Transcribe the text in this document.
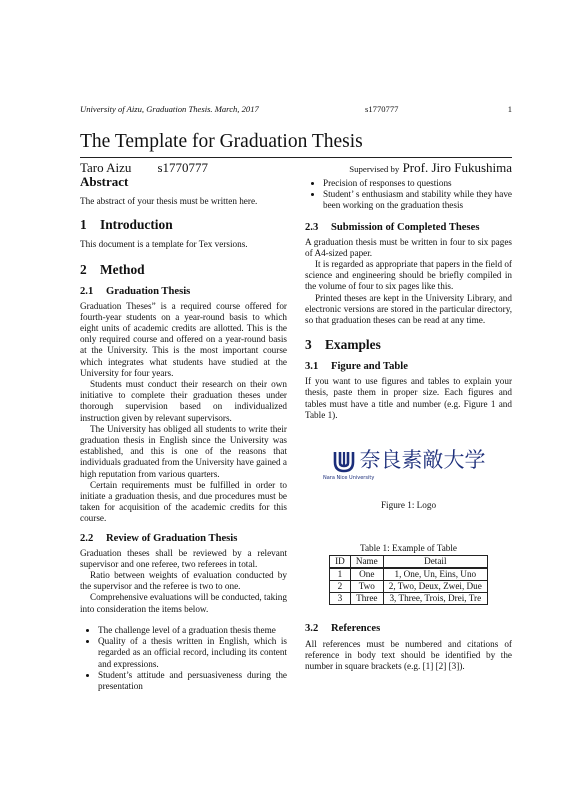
University of Aizu, Graduation Thesis. March, 2017	s1770777	1
The Template for Graduation Thesis
Taro Aizu s1770777	Supervised by Prof. Jiro Fukushima
Abstract

The abstract of your thesis must be written here.

1 Introduction

This document is a template for Tex versions.

2 Method
2.1 Graduation Thesis

Graduation Theses” is a required course offered for fourth-year students on a year-round basis to which eight units of academic credits are allotted. This is the only required course and offered on a year-round basis at the University. This is the most important course which integrates what students have studied at the University for four years.

Students must conduct their research on their own initiative to complete their graduation theses under thorough supervision based on individualized instruction given by relevant supervisors.

The University has obliged all students to write their graduation thesis in English since the University was established, and this is one of the reasons that individuals graduated from the University have gained a high reputation from various quarters.

Certain requirements must be fulfilled in order to initiate a graduation thesis, and due procedures must be taken for acquisition of the academic credits for this course.

2.2 Review of Graduation Thesis

Graduation theses shall be reviewed by a relevant supervisor and one referee, two referees in total.

Ratio between weights of evaluation conducted by the supervisor and the referee is two to one.

Comprehensive evaluations will be conducted, taking into consideration the items below.

• The challenge level of a graduation thesis theme
• Quality of a thesis written in English, which is regarded as an official record, including its content and expressions.
• Student’s attitude and persuasiveness during the presentation
• Precision of responses to questions
• Student’ s enthusiasm and stability while they have been working on the graduation thesis
2.3 Submission of Completed Theses

A graduation thesis must be written in four to six pages of A4-sized paper.

It is regarded as appropriate that papers in the field of science and engineering should be briefly compiled in the volume of four to six pages like this.

Printed theses are kept in the University Library, and electronic versions are stored in the particular directory, so that graduation theses can be read at any time.

3 Examples
3.1 Figure and Table

If you want to use figures and tables to explain your thesis, paste them in proper size. Each figures and tables must have a title and number (e.g. Figure 1 and Table 1).

奈良素敵大学
Nara Nice University
Figure 1: Logo
Table 1: Example of Table
ID	Name	Detail
1	One	1, One, Un, Eins, Uno
2	Two	2, Two, Deux, Zwei, Due
3	Three	3, Three, Trois, Drei, Tre
3.2 References

All references must be numbered and citations of reference in body text should be identified by the number in square brackets (e.g. [1] [2] [3]).
